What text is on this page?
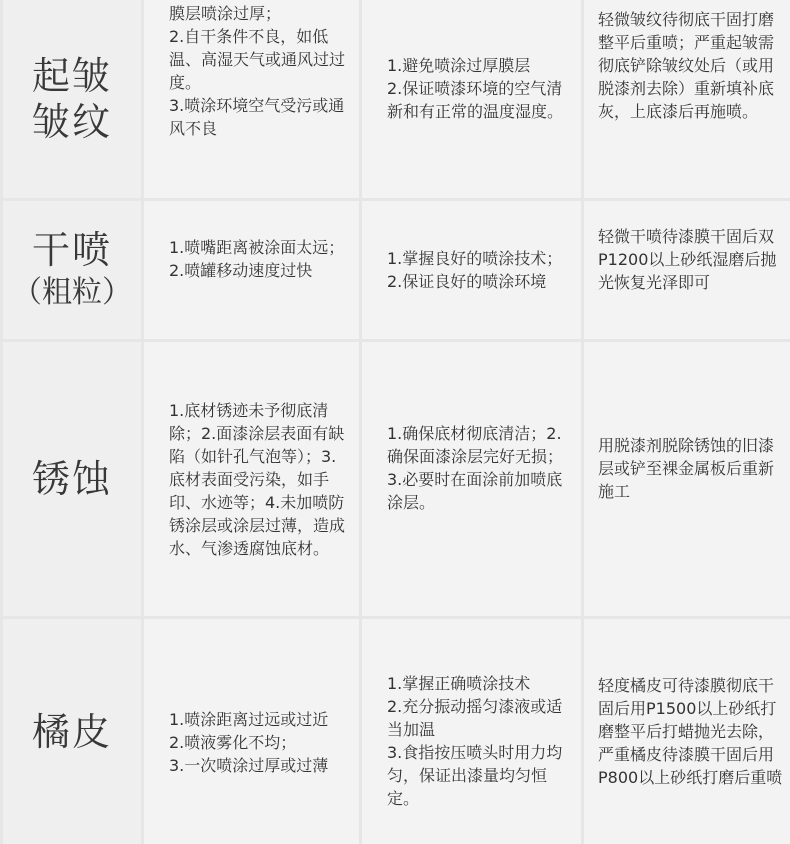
起皱
皱纹
膜层喷涂过厚；
2.自干条件不良，如低温、高湿天气或通风过过度。
3.喷涂环境空气受污或通风不良
1.避免喷涂过厚膜层
2.保证喷漆环境的空气清新和有正常的温度湿度。
轻微皱纹待彻底干固打磨整平后重喷；严重起皱需彻底铲除皱纹处后（或用脱漆剂去除）重新填补底灰，上底漆后再施喷。

干喷

（粗粒）

1.喷嘴距离被涂面太远；
2.喷罐移动速度过快
1.掌握良好的喷涂技术；
2.保证良好的喷涂环境
轻微干喷待漆膜干固后双P1200以上砂纸湿磨后抛光恢复光泽即可
锈蚀
1.底材锈迹未予彻底清除；2.面漆涂层表面有缺陷（如针孔气泡等）；3.底材表面受污染，如手印、水迹等；4.未加喷防锈涂层或涂层过薄，造成水、气渗透腐蚀底材。
1.确保底材彻底清洁；2.确保面漆涂层完好无损；
3.必要时在面涂前加喷底涂层。
用脱漆剂脱除锈蚀的旧漆层或铲至裸金属板后重新施工
橘皮	1.喷涂距离过远或过近
2.喷液雾化不均；
3.一次喷涂过厚或过薄
1.掌握正确喷涂技术
2.充分振动摇匀漆液或适当加温
3.食指按压喷头时用力均匀，保证出漆量均匀恒定。
轻度橘皮可待漆膜彻底干固后用P1500以上砂纸打磨整平后打蜡抛光去除，严重橘皮待漆膜干固后用P800以上砂纸打磨后重喷
